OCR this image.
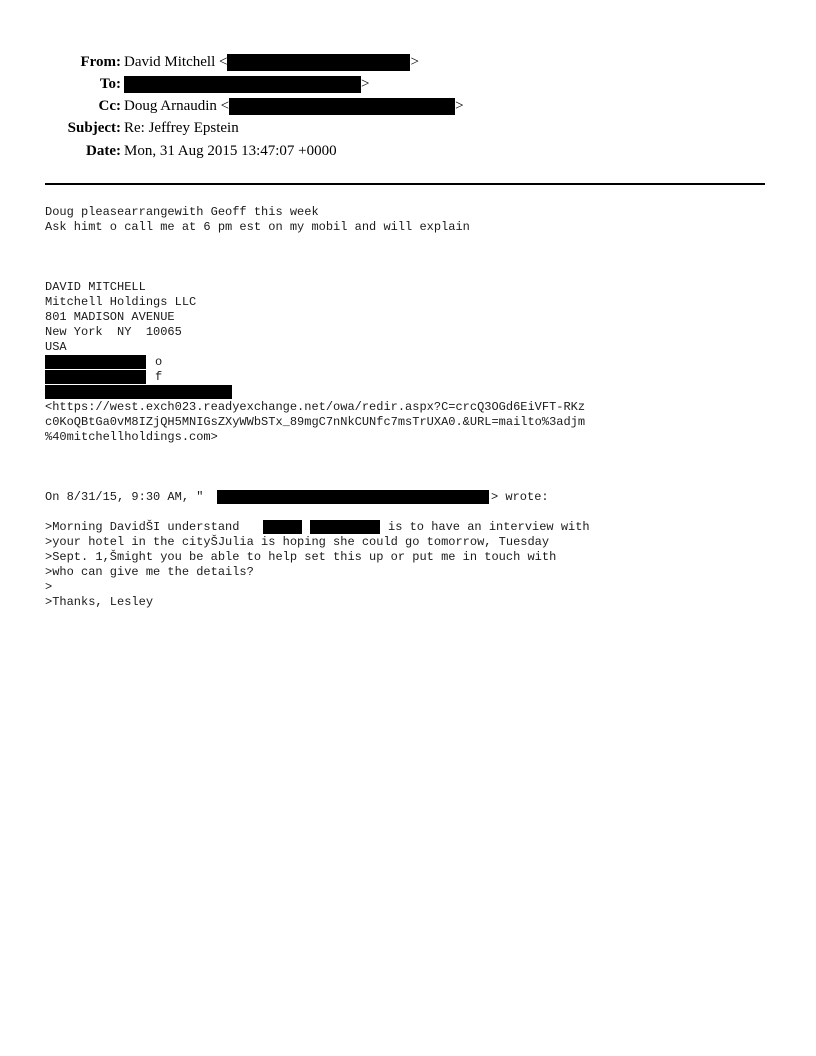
From: David Mitchell <	>
To:	>
Cc: Doug Arnaudin <	>
Subject: Re: Jeffrey Epstein
Date: Mon, 31 Aug 2015 13:47:07 +0000

Doug pleasearrangewith Geoff this week

Ask himt o call me at 6 pm est on my mobil and will explain

DAVID MITCHELL

Mitchell Holdings LLC

801 MADISON AVENUE

New York  NY  10065

USA

o

f

<https://west.exch023.readyexchange.net/owa/redir.aspx?C=crcQ3OGd6EiVFT-RKz

c0KoQBtGa0vM8IZjQH5MNIGsZXyWWbSTx_89mgC7nNkCUNfc7msTrUXA0.&URL=mailto%3adjm

%40mitchellholdings.com>

On 8/31/15, 9:30 AM, "

	> wrote:

>Morning DavidŠI understand

	is to have an interview with

>your hotel in the cityŠJulia is hoping she could go tomorrow, Tuesday

>Sept. 1,Šmight you be able to help set this up or put me in touch with

>who can give me the details?

>

>Thanks, Lesley
